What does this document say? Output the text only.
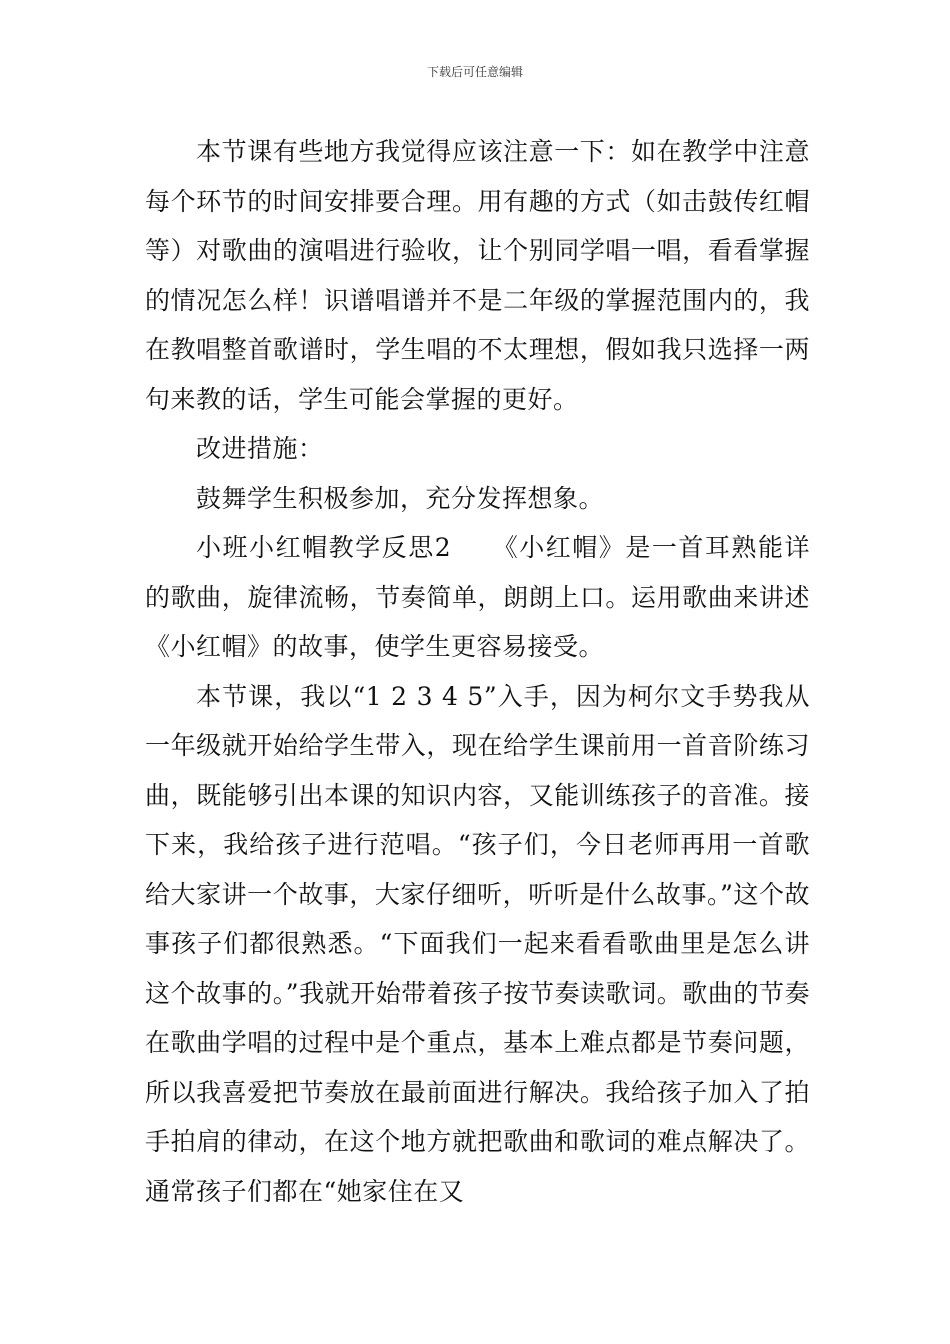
下载后可任意编辑

本节课有些地方我觉得应该注意一下：如在教学中注意每个环节的时间安排要合理。用有趣的方式（如击鼓传红帽等）对歌曲的演唱进行验收，让个别同学唱一唱，看看掌握的情况怎么样！识谱唱谱并不是二年级的掌握范围内的，我在教唱整首歌谱时，学生唱的不太理想，假如我只选择一两句来教的话，学生可能会掌握的更好。

改进措施：

鼓舞学生积极参加，充分发挥想象。

小班小红帽教学反思2　　《小红帽》是一首耳熟能详的歌曲，旋律流畅，节奏简单，朗朗上口。运用歌曲来讲述《小红帽》的故事，使学生更容易接受。

本节课，我以“1 2 3 4 5”入手，因为柯尔文手势我从一年级就开始给学生带入，现在给学生课前用一首音阶练习曲，既能够引出本课的知识内容，又能训练孩子的音准。接下来，我给孩子进行范唱。“孩子们，今日老师再用一首歌给大家讲一个故事，大家仔细听，听听是什么故事。”这个故事孩子们都很熟悉。“下面我们一起来看看歌曲里是怎么讲这个故事的。”我就开始带着孩子按节奏读歌词。歌曲的节奏在歌曲学唱的过程中是个重点，基本上难点都是节奏问题，所以我喜爱把节奏放在最前面进行解决。我给孩子加入了拍手拍肩的律动，在这个地方就把歌曲和歌词的难点解决了。通常孩子们都在“她家住在又
